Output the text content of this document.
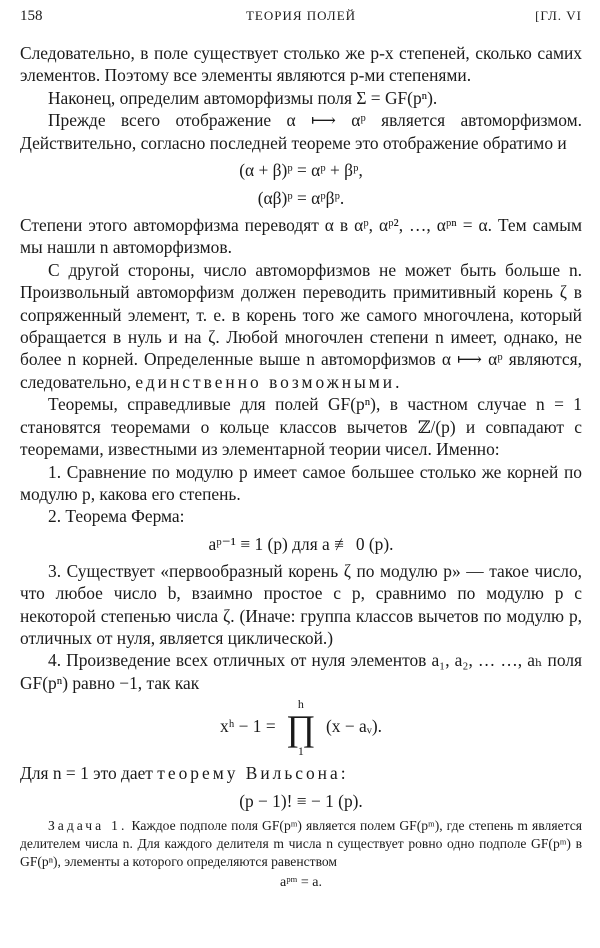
158	ТЕОРИЯ ПОЛЕЙ	[ГЛ. VI

Следовательно, в поле существует столько же p-х степеней, сколько самих элементов. Поэтому все элементы являются p-ми степенями.

Наконец, определим автоморфизмы поля Σ = GF(pⁿ).

Прежде всего отображение α ⟼ αᵖ является автоморфизмом. Действительно, согласно последней теореме это отображение обратимо и

(α + β)ᵖ = αᵖ + βᵖ,
(αβ)ᵖ = αᵖβᵖ.

Степени этого автоморфизма переводят α в αᵖ, αᵖ², …, αᵖⁿ = α. Тем самым мы нашли n автоморфизмов.

С другой стороны, число автоморфизмов не может быть больше n. Произвольный автоморфизм должен переводить примитивный корень ζ в сопряженный элемент, т. е. в корень того же самого многочлена, который обращается в нуль и на ζ. Любой многочлен степени n имеет, однако, не более n корней. Определенные выше n автоморфизмов α ⟼ αᵖ являются, следовательно, единственно возможными.

Теоремы, справедливые для полей GF(pⁿ), в частном случае n = 1 становятся теоремами о кольце классов вычетов ℤ/(p) и совпадают с теоремами, известными из элементарной теории чисел. Именно:

1. Сравнение по модулю p имеет самое большее столько же корней по модулю p, какова его степень.

2. Теорема Ферма:

aᵖ⁻¹ ≡ 1 (p) для a ≢ 0 (p).

3. Существует «первообразный корень ζ по модулю p» — такое число, что любое число b, взаимно простое с p, сравнимо по модулю p с некоторой степенью числа ζ. (Иначе: группа классов вычетов по модулю p, отличных от нуля, является циклической.)

4. Произведение всех отличных от нуля элементов a₁, a₂, … …, aₕ поля GF(pⁿ) равно −1, так как

xʰ − 1 =
h
∏
1
(x − aᵥ).

Для n = 1 это дает теорему Вильсона:

(p − 1)! ≡ − 1 (p).

Задача 1. Каждое подполе поля GF(pᵐ) является полем GF(pᵐ), где степень m является делителем числа n. Для каждого делителя m числа n существует ровно одно подполе GF(pᵐ) в GF(pⁿ), элементы a которого определяются равенством

aᵖᵐ = a.
